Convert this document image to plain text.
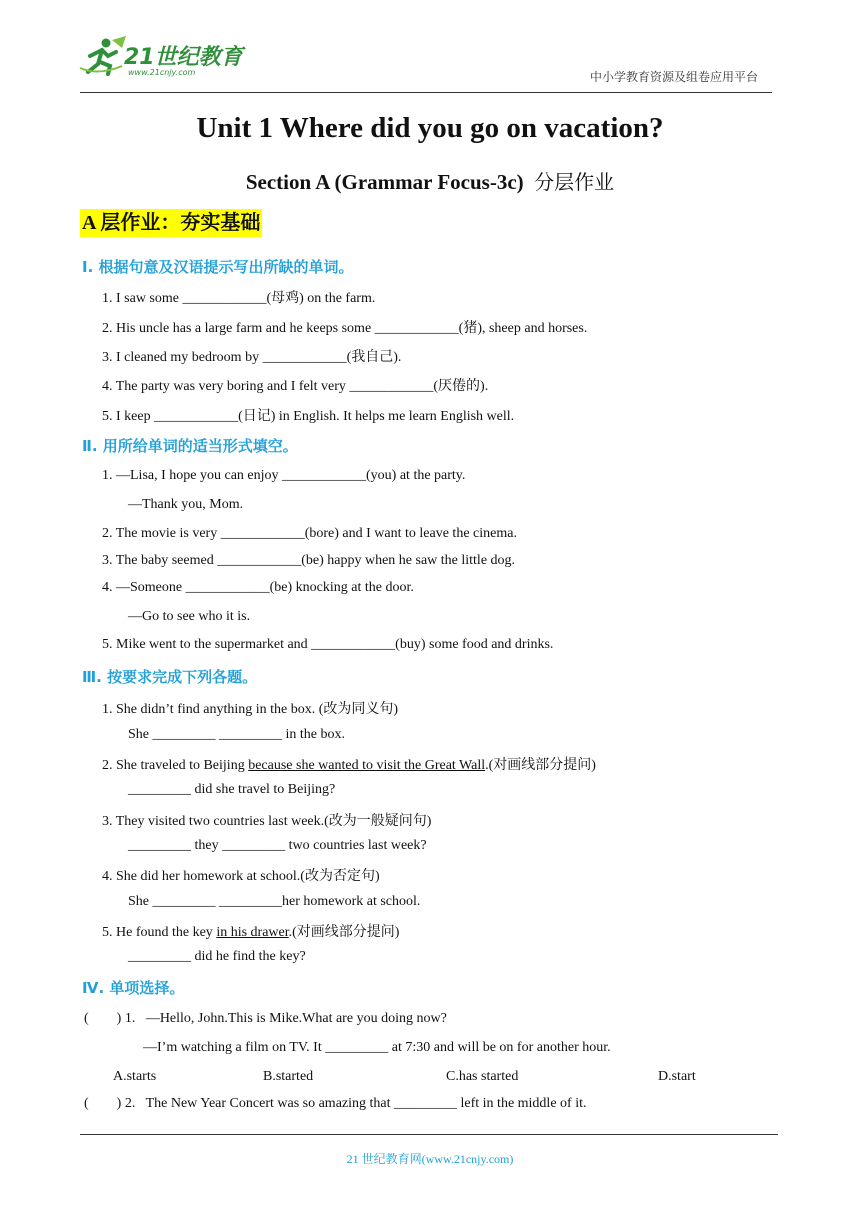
21世纪教育
www.21cnjy.com	中小学教育资源及组卷应用平台
Unit 1 Where did you go on vacation?
Section A (Grammar Focus-3c) 分层作业
A 层作业：夯实基础
Ⅰ. 根据句意及汉语提示写出所缺的单词。
1. I saw some ____________(母鸡) on the farm.
2. His uncle has a large farm and he keeps some ____________(猪), sheep and horses.
3. I cleaned my bedroom by ____________(我自己).
4. The party was very boring and I felt very ____________(厌倦的).
5. I keep ____________(日记) in English. It helps me learn English well.
Ⅱ. 用所给单词的适当形式填空。
1. —Lisa, I hope you can enjoy ____________(you) at the party.
—Thank you, Mom.
2. The movie is very ____________(bore) and I want to leave the cinema.
3. The baby seemed ____________(be) happy when he saw the little dog.
4. —Someone ____________(be) knocking at the door.
—Go to see who it is.
5. Mike went to the supermarket and ____________(buy) some food and drinks.
Ⅲ. 按要求完成下列各题。
1. She didn’t find anything in the box. (改为同义句)
She _________ _________ in the box.
2. She traveled to Beijing because she wanted to visit the Great Wall.(对画线部分提问)
_________ did she travel to Beijing?
3. They visited two countries last week.(改为一般疑问句)
_________ they _________ two countries last week?
4. She did her homework at school.(改为否定句)
She _________ _________her homework at school.
5. He found the key in his drawer.(对画线部分提问)
_________ did he find the key?
Ⅳ. 单项选择。
(        ) 1.   —Hello, John.This is Mike.What are you doing now?
—I’m watching a film on TV. It _________ at 7:30 and will be on for another hour.
A.starts	B.started	C.has started	D.start
(        ) 2.   The New Year Concert was so amazing that _________ left in the middle of it.
21 世纪教育网(www.21cnjy.com)
